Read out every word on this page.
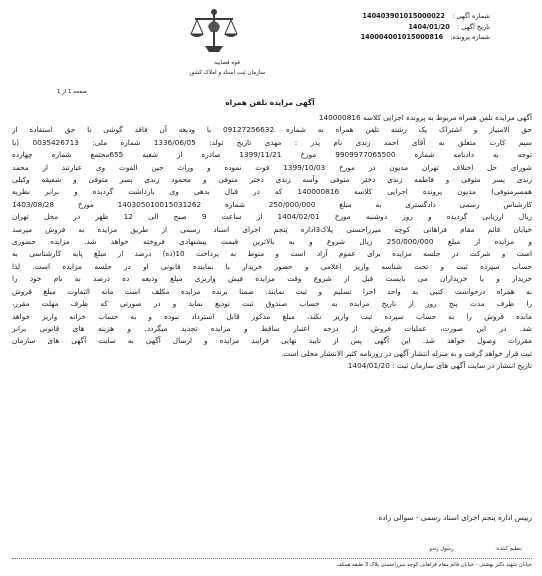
شماره آگهی : 140403901015000022
تاریخ آگهی : 1404/01/20
شماره پرونده: 140004001015000816
قوه قضاییه
سازمان ثبت اسناد و املاک کشور
صفحه 1 از 1
آگهی مزایده تلفن همراه
آگهی مزایده تلفن همراه مربوط به پرونده اجرایی کلاسه 140000816
حق الامتیاز و اشتراک یک رشته تلفن همراه به شماره 09127256632 با ودیعه آن فاقد گوشی با حق استفاده از
سیم کارت متعلق به آقای احمد زندی نام پدر : مهدی تاریخ تولد: 1336/06/05 شماره ملی: 0035426713 (با
توجه به دادنامه شماره 9909977065500 مورخ 1399/11/21 صادره از شعبه 655مجتمع شماره چهارده
شورای حل اختلاف تهران مدیون در مورخ 1399/10/03 فوت نموده و وراث حین الفوت وی عبارتند از محمد
زندی پسر متوفی و فاطمه زندی دختر متوفی وآسه زندی دختر متوفی و محمود زندی پسر متوفی و شفیقه وکیلی
همسرمتوفی) مدیون پرونده اجرایی کلاسه 140000816 که در قبال بدهی وی بازداشت گردیده و برابر نظریه
کارشناس رسمی دادگستری به مبلغ 250/000/000 شماره 140305010015031262 مورخ 1403/08/28
ریال ارزیابی گردیده و روز دوشنبه مورخ 1404/02/01 از ساعت 9 صبح الی 12 ظهر در محل تهران
خیابان قائم مقام فراهانی کوچه میرزاحسنی پلاک3اداره پنجم اجرای اسناد رسمی از طریق مزایده به فروش میرسد
و مزایده از مبلغ 250/000/000 ریال شروع و به بالاترین قیمت پیشنهادی فروخته خواهد شد. مزایده حضوری
است و شرکت در جلسه مزایده برای عموم آزاد است و منوط به پرداخت 10(ده) درصد از مبلغ پایه کارشناسی به
حساب سپرده ثبت و تحت شناسه واریز اعلامی و حضور خریدار یا نماینده قانونی او در جلسه مزایده است. لذا
خریدار و یا خریداران می بایست قبل از شروع وقت مزایده فیش واریزی مبلغ ودیعه ده درصد به نام خود را
به همراه درخواست کتبی به واحد اجرا تسلیم و ثبت نمایند. ضمنا برنده مزایده مکلف است مابه التفاوت مبلغ فروش
را ظرف مدت پنج روز از تاریخ مزایده به حساب صندوق ثبت تودیع نماید و در صورتی که ظرف مهلت مقرر،
مانده فروش را به حساب سپرده ثبت واریز نکند، مبلغ مذکور قابل استرداد نبوده و به حساب خزانه واریز خواهد
شد. در این صورت، عملیات فروش از درجه اعتبار ساقط و مزایده تجدید میگردد. و هزینه های قانونی برابر
مقررات وصول خواهد شد. این آگهی پس از تایید نهایی فرایند مزایده و ارسال آگهی به سایت آگهی های سازمان
ثبت قرار خواهد گرفت و به منزله انتشار آگهی در روزنامه کثیر الانتشار محلی است.
تاریخ انتشار در سایت آگهی های سازمان ثبت : 1404/01/20
رییس اداره پنجم اجرای اسناد رسمی - سوالی زاده
تنظیم کننده: رسول زندو
خیابان شهید دکتر بهشتی - خیابان قائم مقام فراهانی کوچه میرزاحسنی پلاک 3 طبقه همکف
